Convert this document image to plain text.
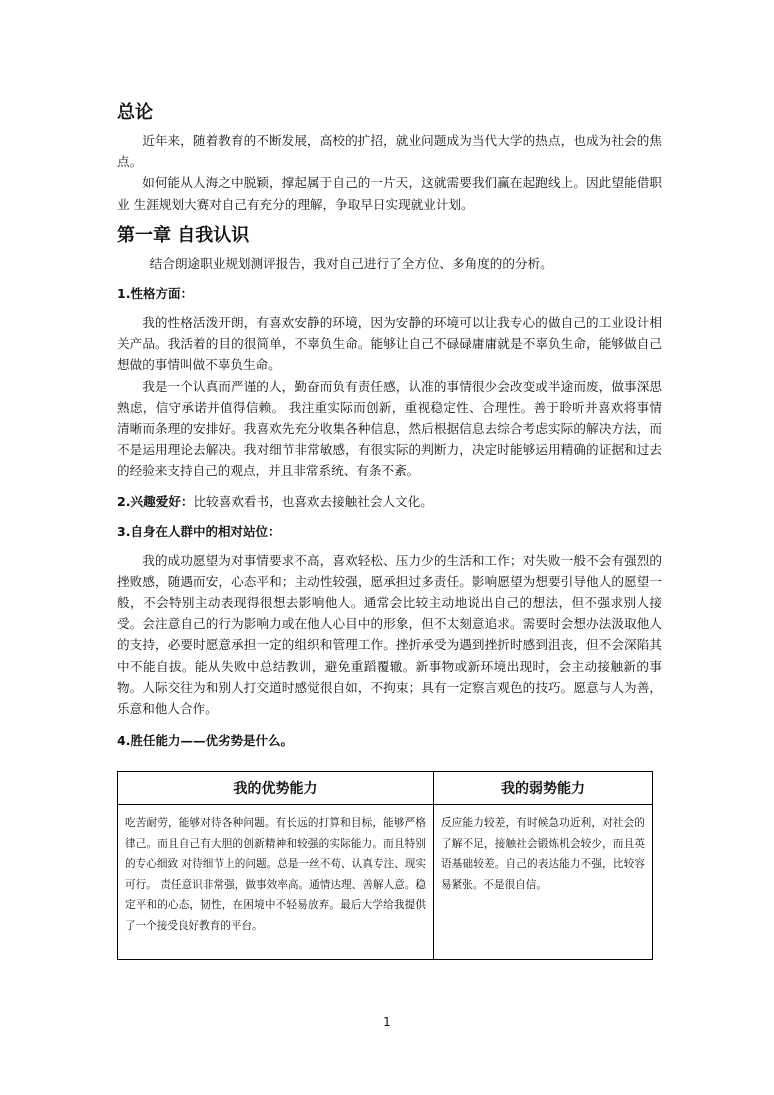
总论

近年来，随着教育的不断发展，高校的扩招，就业问题成为当代大学的热点，也成为社会的焦点。

如何能从人海之中脱颖，撑起属于自己的一片天，这就需要我们赢在起跑线上。因此望能借职业 生涯规划大赛对自己有充分的理解，争取早日实现就业计划。

第一章 自我认识

结合朗途职业规划测评报告，我对自己进行了全方位、多角度的的分析。

1.性格方面：

我的性格活泼开朗，有喜欢安静的环境，因为安静的环境可以让我专心的做自己的工业设计相关产品。我活着的目的很简单，不辜负生命。能够让自己不碌碌庸庸就是不辜负生命，能够做自己想做的事情叫做不辜负生命。

我是一个认真而严谨的人，勤奋而负有责任感，认准的事情很少会改变或半途而废，做事深思熟虑，信守承诺并值得信赖。 我注重实际而创新，重视稳定性、合理性。善于聆听并喜欢将事情清晰而条理的安排好。我喜欢先充分收集各种信息，然后根据信息去综合考虑实际的解决方法，而不是运用理论去解决。我对细节非常敏感，有很实际的判断力，决定时能够运用精确的证据和过去的经验来支持自己的观点，并且非常系统、有条不紊。

2.兴趣爱好：比较喜欢看书，也喜欢去接触社会人文化。
3.自身在人群中的相对站位：

我的成功愿望为对事情要求不高，喜欢轻松、压力少的生活和工作；对失败一般不会有强烈的挫败感，随遇而安，心态平和；主动性较强，愿承担过多责任。影响愿望为想要引导他人的愿望一般，不会特别主动表现得很想去影响他人。通常会比较主动地说出自己的想法，但不强求别人接受。会注意自己的行为影响力或在他人心目中的形象，但不太刻意追求。需要时会想办法汲取他人的支持，必要时愿意承担一定的组织和管理工作。挫折承受为遇到挫折时感到沮丧，但不会深陷其中不能自拔。能从失败中总结教训，避免重蹈覆辙。新事物或新环境出现时，会主动接触新的事物。人际交往为和别人打交道时感觉很自如，不拘束；具有一定察言观色的技巧。愿意与人为善，乐意和他人合作。

4.胜任能力——优劣势是什么。
我的优势能力	我的弱势能力
吃苦耐劳，能够对待各种问题。有长远的打算和目标，能够严格律己。而且自己有大胆的创新精神和较强的实际能力。而且特别的专心细致 对待细节上的问题。总是一丝不苟、认真专注、现实可行。 责任意识非常强，做事效率高。通情达理、善解人意。稳定平和的心态，韧性，在困境中不轻易放弃。最后大学给我提供了一个接受良好教育的平台。	反应能力较差，有时候急功近利，对社会的了解不足，接触社会锻炼机会较少，而且英语基础较差。自己的表达能力不强，比较容易紧张。不是很自信。
1
